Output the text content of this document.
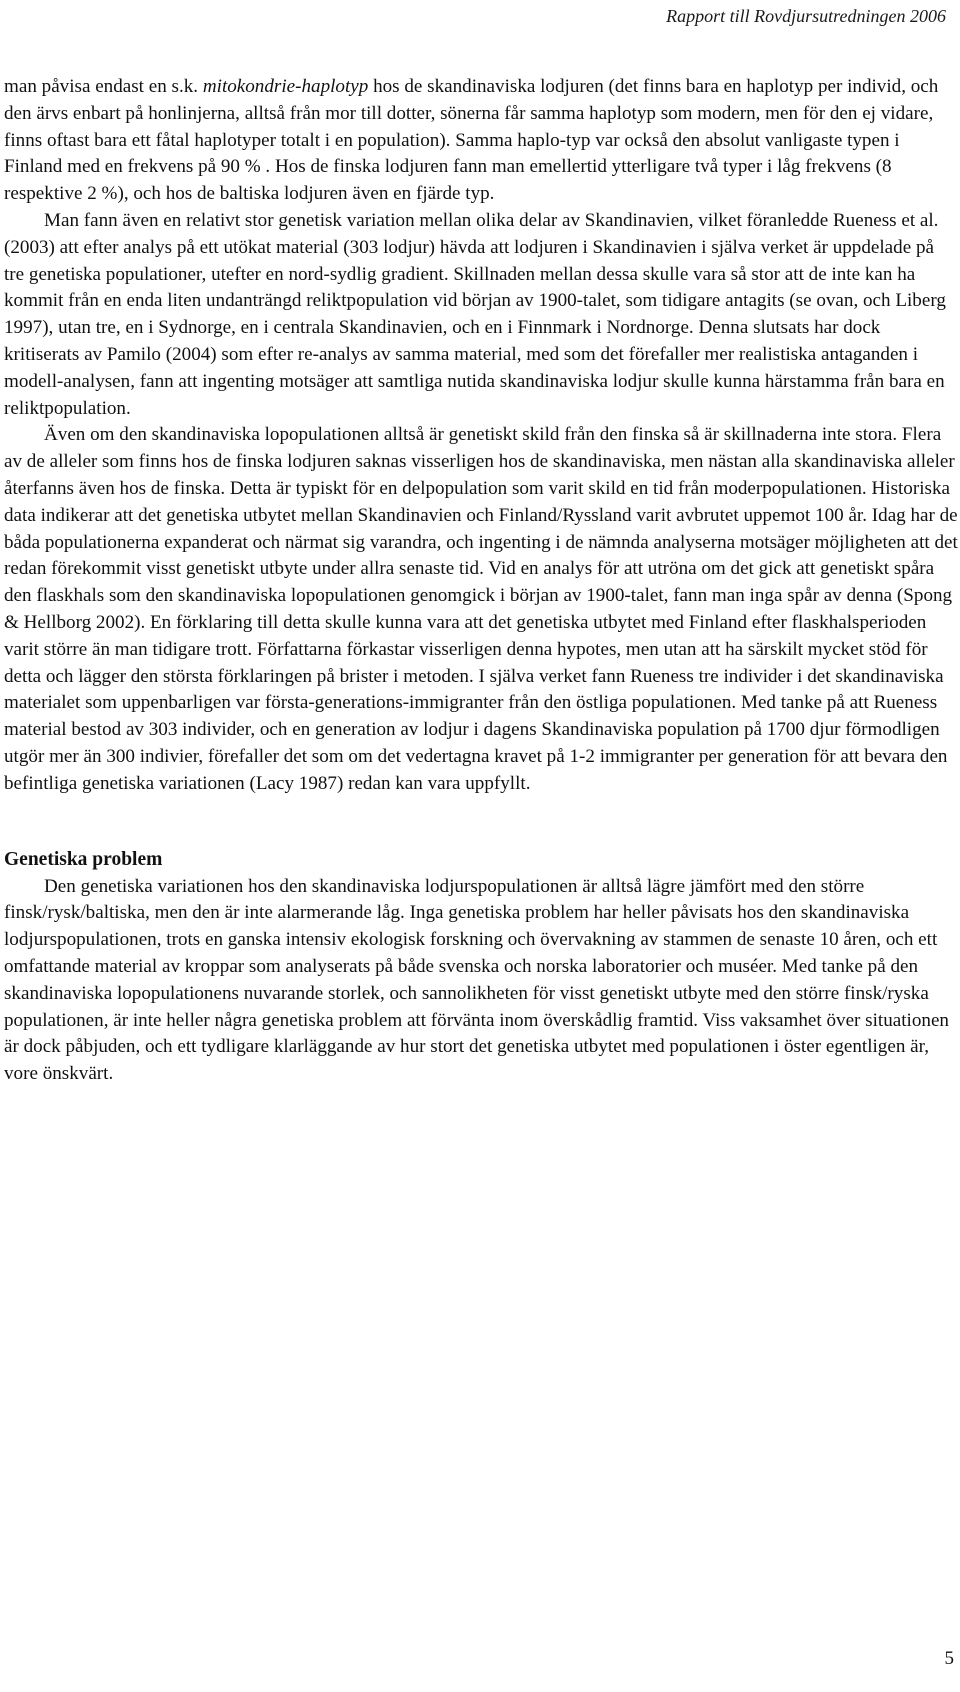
Rapport till Rovdjursutredningen 2006

man påvisa endast en s.k. mitokondrie-haplotyp hos de skandinaviska lodjuren (det finns bara en haplotyp per individ, och den ärvs enbart på honlinjerna, alltså från mor till dotter, sönerna får samma haplotyp som modern, men för den ej vidare, finns oftast bara ett fåtal haplotyper totalt i en population). Samma haplo-typ var också den absolut vanligaste typen i Finland med en frekvens på 90 % . Hos de finska lodjuren fann man emellertid ytterligare två typer i låg frekvens (8 respektive 2 %), och hos de baltiska lodjuren även en fjärde typ.

Man fann även en relativt stor genetisk variation mellan olika delar av Skandinavien, vilket föranledde Rueness et al. (2003) att efter analys på ett utökat material (303 lodjur) hävda att lodjuren i Skandinavien i själva verket är uppdelade på tre genetiska populationer, utefter en nord-sydlig gradient. Skillnaden mellan dessa skulle vara så stor att de inte kan ha kommit från en enda liten undanträngd reliktpopulation vid början av 1900-talet, som tidigare antagits (se ovan, och Liberg 1997), utan tre, en i Sydnorge, en i centrala Skandinavien, och en i Finnmark i Nordnorge. Denna slutsats har dock kritiserats av Pamilo (2004) som efter re-analys av samma material, med som det förefaller mer realistiska antaganden i modell-analysen, fann att ingenting motsäger att samtliga nutida skandinaviska lodjur skulle kunna härstamma från bara en reliktpopulation.

Även om den skandinaviska lopopulationen alltså är genetiskt skild från den finska så är skillnaderna inte stora. Flera av de alleler som finns hos de finska lodjuren saknas visserligen hos de skandinaviska, men nästan alla skandinaviska alleler återfanns även hos de finska. Detta är typiskt för en delpopulation som varit skild en tid från moderpopulationen. Historiska data indikerar att det genetiska utbytet mellan Skandinavien och Finland/Ryssland varit avbrutet uppemot 100 år. Idag har de båda populationerna expanderat och närmat sig varandra, och ingenting i de nämnda analyserna motsäger möjligheten att det redan förekommit visst genetiskt utbyte under allra senaste tid. Vid en analys för att utröna om det gick att genetiskt spåra den flaskhals som den skandinaviska lopopulationen genomgick i början av 1900-talet, fann man inga spår av denna (Spong & Hellborg 2002). En förklaring till detta skulle kunna vara att det genetiska utbytet med Finland efter flaskhalsperioden varit större än man tidigare trott. Författarna förkastar visserligen denna hypotes, men utan att ha särskilt mycket stöd för detta och lägger den största förklaringen på brister i metoden. I själva verket fann Rueness tre individer i det skandinaviska materialet som uppenbarligen var första-generations-immigranter från den östliga populationen. Med tanke på att Rueness material bestod av 303 individer, och en generation av lodjur i dagens Skandinaviska population på 1700 djur förmodligen utgör mer än 300 indivier, förefaller det som om det vedertagna kravet på 1-2 immigranter per generation för att bevara den befintliga genetiska variationen (Lacy 1987) redan kan vara uppfyllt.

Genetiska problem

Den genetiska variationen hos den skandinaviska lodjurspopulationen är alltså lägre jämfört med den större finsk/rysk/baltiska, men den är inte alarmerande låg. Inga genetiska problem har heller påvisats hos den skandinaviska lodjurspopulationen, trots en ganska intensiv ekologisk forskning och övervakning av stammen de senaste 10 åren, och ett omfattande material av kroppar som analyserats på både svenska och norska laboratorier och muséer. Med tanke på den skandinaviska lopopulationens nuvarande storlek, och sannolikheten för visst genetiskt utbyte med den större finsk/ryska populationen, är inte heller några genetiska problem att förvänta inom överskådlig framtid. Viss vaksamhet över situationen är dock påbjuden, och ett tydligare klarläggande av hur stort det genetiska utbytet med populationen i öster egentligen är, vore önskvärt.

5
